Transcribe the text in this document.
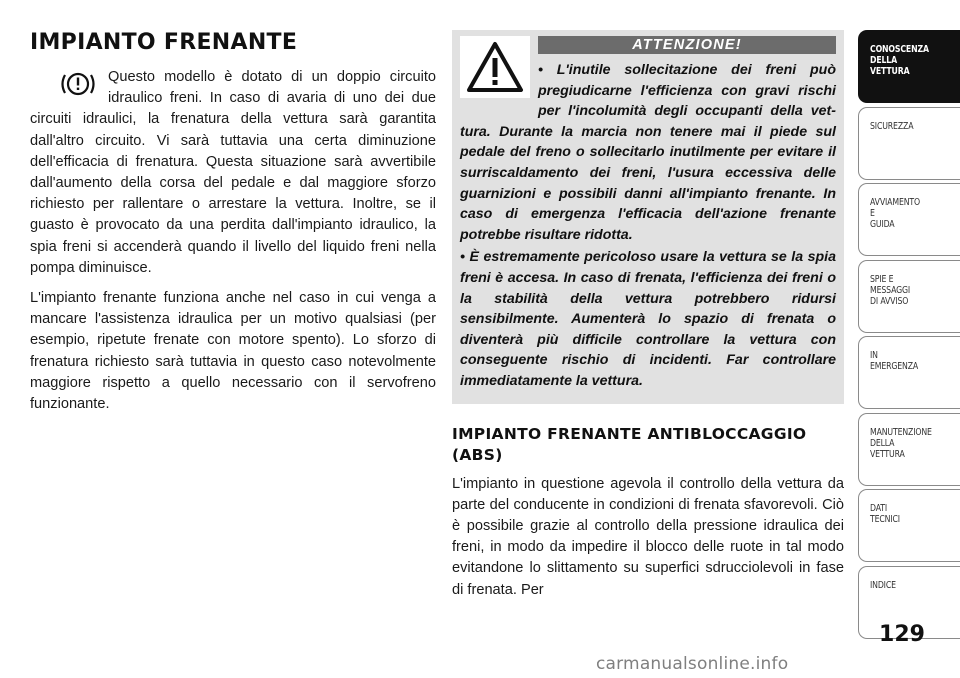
IMPIANTO FRENANTE

Questo modello è dotato di un doppio circuito idraulico freni. In caso di avaria di uno dei due circuiti idraulici, la frenatura della vettura sarà garantita dall'altro circuito. Vi sarà tuttavia una certa diminuzione dell'efficacia di frenatura. Questa situazione sarà avvertibile dall'aumento della corsa del pedale e dal maggiore sforzo richiesto per rallentare o arrestare la vettura. Inoltre, se il guasto è provocato da una perdita dall'impianto idraulico, la spia freni si accenderà quando il livello del liquido freni nella pompa diminuisce.

L'impianto frenante funziona anche nel caso in cui venga a mancare l'assistenza idraulica per un motivo qualsiasi (per esempio, ripetute frenate con motore spento). Lo sforzo di frenatura richiesto sarà tuttavia in questo caso notevolmente maggiore rispetto a quello necessario con il servofreno funzionante.

ATTENZIONE!

• L'inutile sollecitazione dei freni può pregiudicarne l'efficienza con gravi rischi per l'incolumità degli occupanti della vettura. Durante la marcia non tenere mai il piede sul pedale del freno o sollecitarlo inutilmente per evitare il surriscaldamento dei freni, l'usura eccessiva delle guarnizioni e possibili danni all'impianto frenante. In caso di emergenza l'efficacia dell'azione frenante potrebbe risultare ridotta.

• È estremamente pericoloso usare la vettura se la spia freni è accesa. In caso di frenata, l'efficienza dei freni o la stabilità della vettura potrebbero ridursi sensibilmente. Aumenterà lo spazio di frenata o diventerà più difficile controllare la vettura con conseguente rischio di incidenti. Far controllare immediatamente la vettura.

IMPIANTO FRENANTE ANTIBLOCCAGGIO (ABS)

L'impianto in questione agevola il controllo della vettura da parte del conducente in condizioni di frenata sfavorevoli. Ciò è possibile grazie al controllo della pressione idraulica dei freni, in modo da impedire il blocco delle ruote in tal modo evitandone lo slittamento su superfici sdrucciolevoli in fase di frenata. Per

CONOSCENZA
DELLA
VETTURA
SICUREZZA
AVVIAMENTO
E
GUIDA
SPIE E
MESSAGGI
DI AVVISO
IN
EMERGENZA
MANUTENZIONE
DELLA
VETTURA
DATI
TECNICI
INDICE
129
carmanualsonline.info
